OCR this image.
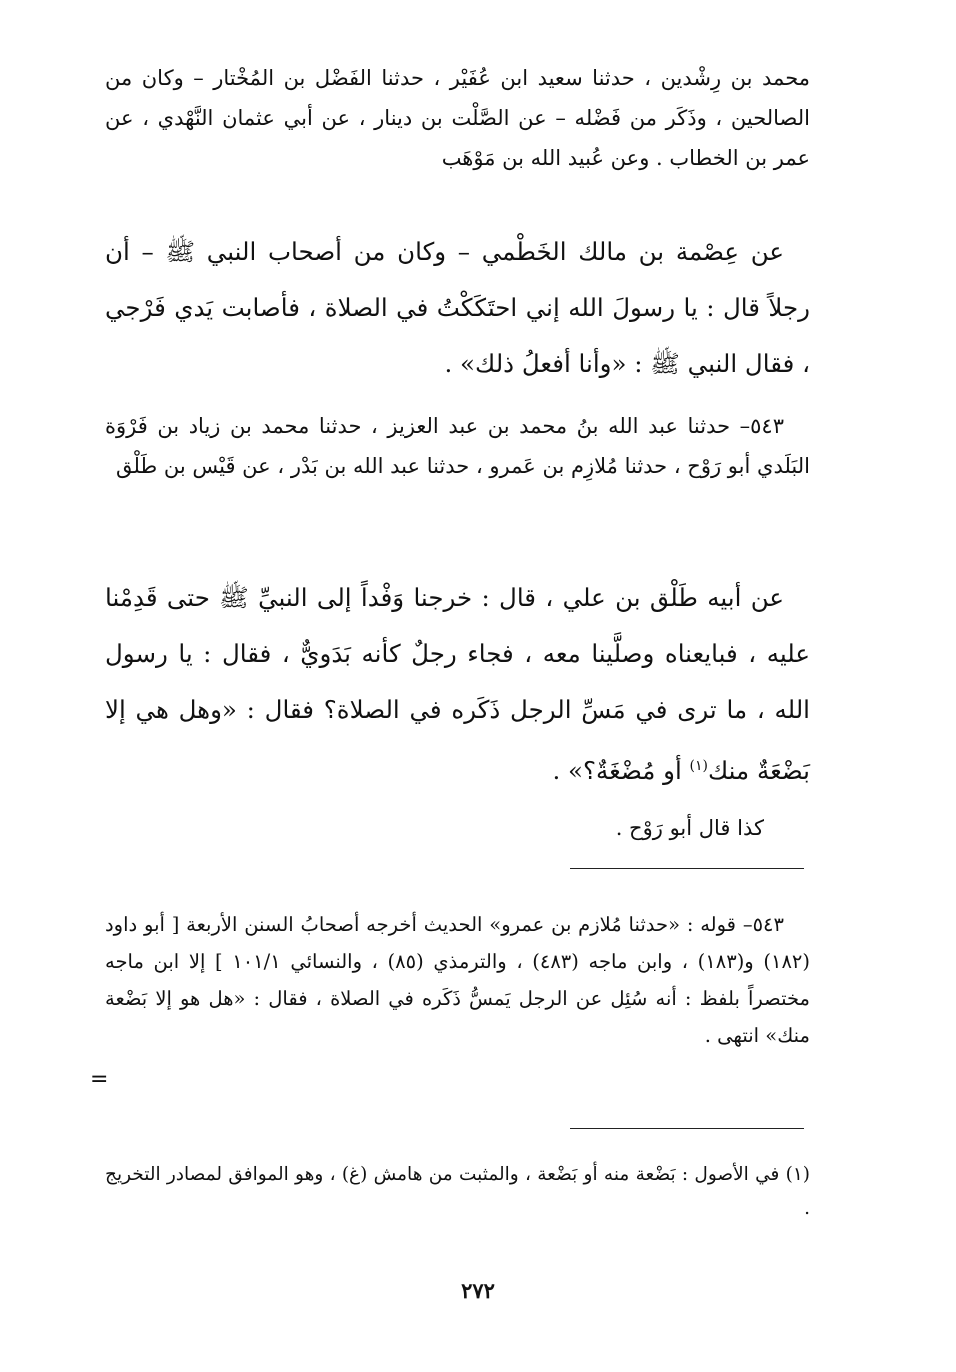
محمد بن رِشْدين ، حدثنا سعيد ابن عُفَيْر ، حدثنا الفَضْل بن المُخْتار – وكان من الصالحين ، وذَكَر من فَضْله – عن الصَّلْت بن دينار ، عن أبي عثمان النَّهْدي ، عن عمر بن الخطاب . وعن عُبيد الله بن مَوْهَب

عن عِصْمة بن مالك الخَطْمي – وكان من أصحاب النبي ﷺ – أن رجلاً قال : يا رسولَ الله إني احتَكَكْتُ في الصلاة ، فأصابت يَدي فَرْجي ، فقال النبي ﷺ : «وأنا أفعلُ ذلك» .

٥٤٣– حدثنا عبد الله بنُ محمد بن عبد العزيز ، حدثنا محمد بن زياد بن فَرْوَة البَلَدي أبو رَوْح ، حدثنا مُلازِم بن عَمرو ، حدثنا عبد الله بن بَدْر ، عن قَيْس بن طَلْق

عن أبيه طَلْق بن علي ، قال : خرجنا وَفْداً إلى النبيِّ ﷺ حتى قَدِمْنا عليه ، فبايعناه وصلَّينا معه ، فجاء رجلٌ كأنه بَدَويٌّ ، فقال : يا رسول الله ، ما ترى في مَسِّ الرجل ذَكَره في الصلاة؟ فقال : «وهل هي إلا بَضْعَةٌ منك$^{(١)}$ أو مُضْغَةٌ؟» .

كذا قال أبو رَوْح .

٥٤٣– قوله : «حدثنا مُلازم بن عمرو» الحديث أخرجه أصحابُ السنن الأربعة [ أبو داود (١٨٢) و(١٨٣) ، وابن ماجه (٤٨٣) ، والترمذي (٨٥) ، والنسائي ١٠١/١ ] إلا ابن ماجه مختصراً بلفظ : أنه سُئِل عن الرجل يَمسُّ ذَكَره في الصلاة ، فقال : «هل هو إلا بَضْعة منك» انتهى .

=

(١) في الأصول : بَضْعة منه أو بَضْعة ، والمثبت من هامش (غ) ، وهو الموافق لمصادر التخريج .

٢٧٢
